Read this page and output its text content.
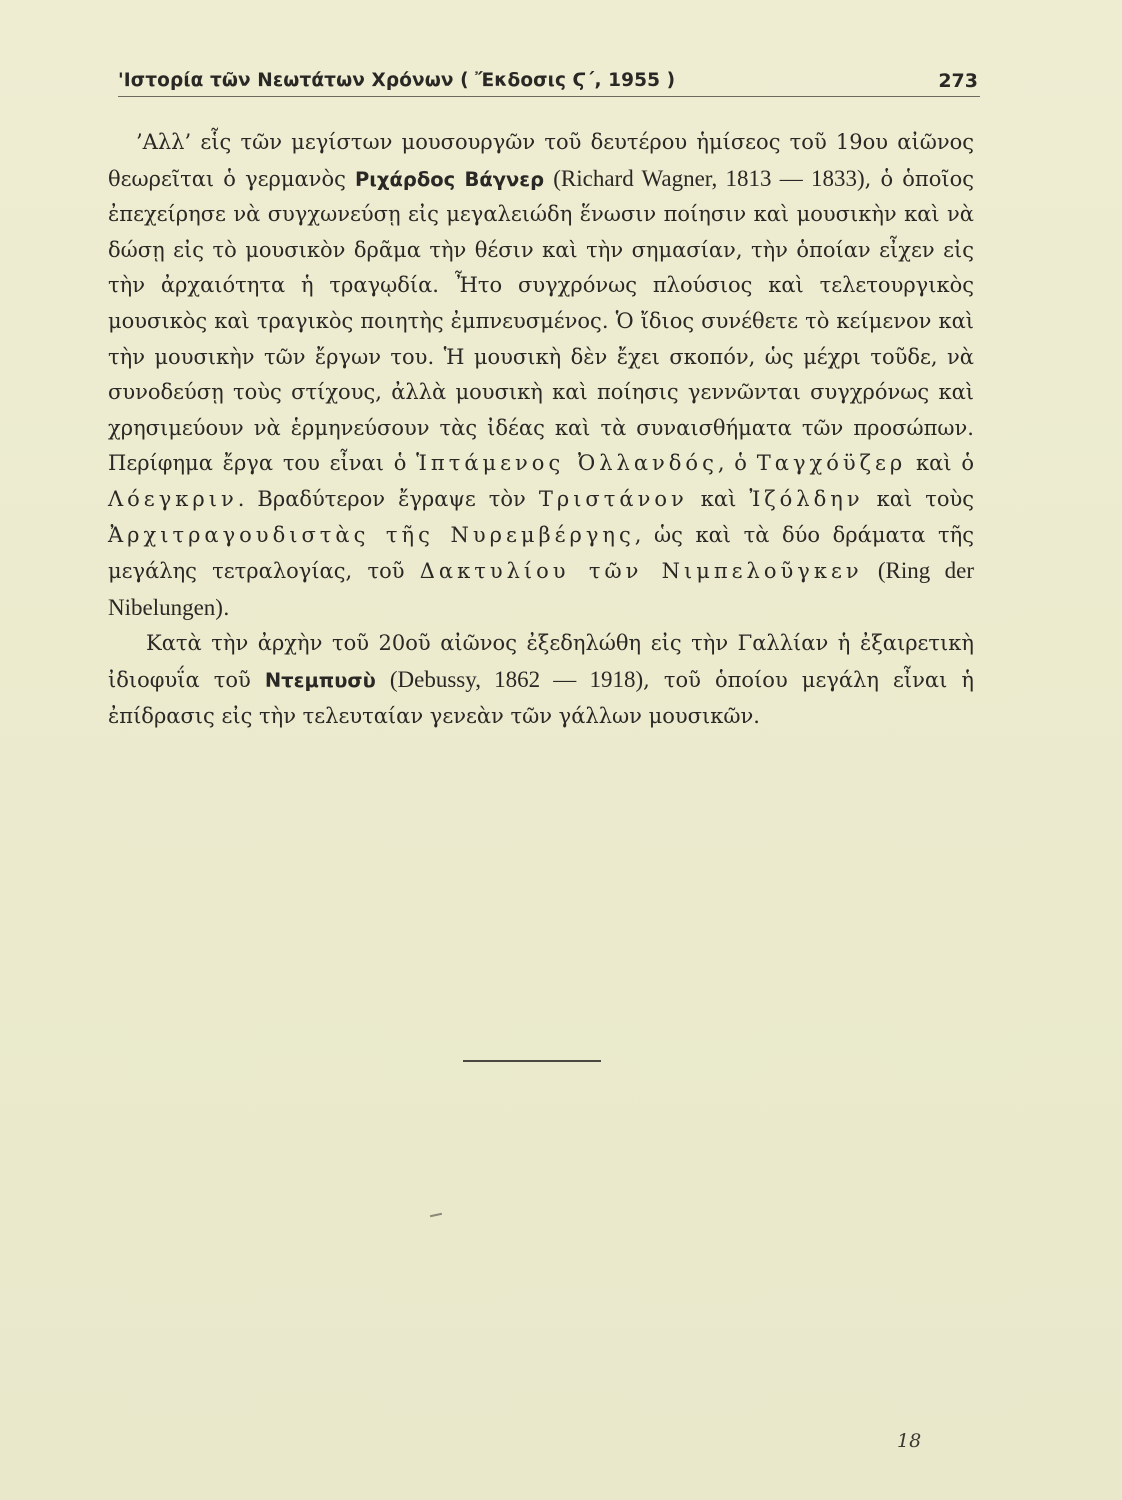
'Ιστορία τῶν Νεωτάτων Χρόνων ( Ἔκδοσις Ϛ΄, 1955 )	273

’Αλλ’ εἷς τῶν μεγίστων μουσουργῶν τοῦ δευτέρου ἡμίσεος τοῦ 19ου αἰῶνος θεωρεῖται ὁ γερμανὸς Ριχάρδος Βάγνερ (Richard Wagner, 1813 — 1833), ὁ ὁποῖος ἐπεχείρησε νὰ συγχωνεύσῃ εἰς μεγαλειώδη ἕνωσιν ποίησιν καὶ μουσικὴν καὶ νὰ δώσῃ εἰς τὸ μουσικὸν δρᾶμα τὴν θέσιν καὶ τὴν σημασίαν, τὴν ὁποίαν εἶχεν εἰς τὴν ἀρχαιότητα ἡ τραγῳδία. Ἦτο συγχρόνως πλούσιος καὶ τελετουργικὸς μουσικὸς καὶ τραγικὸς ποιητὴς ἐμπνευσμένος. Ὁ ἴδιος συνέθετε τὸ κείμενον καὶ τὴν μουσικὴν τῶν ἔργων του. Ἡ μουσικὴ δὲν ἔχει σκοπόν, ὡς μέχρι τοῦδε, νὰ συνοδεύσῃ τοὺς στίχους, ἀλλὰ μουσικὴ καὶ ποίησις γεννῶνται συγχρόνως καὶ χρησιμεύουν νὰ ἑρμηνεύσουν τὰς ἰδέας καὶ τὰ συναισθήματα τῶν προσώπων. Περίφημα ἔργα του εἶναι ὁ Ἱπτάμενος Ὀλλανδός, ὁ Ταγχόϋζερ καὶ ὁ Λόεγκριν. Βραδύτερον ἔγραψε τὸν Τριστάνον καὶ Ἰζόλδην καὶ τοὺς Ἀρχιτραγουδιστὰς τῆς Νυρεμβέργης, ὡς καὶ τὰ δύο δράματα τῆς μεγάλης τετραλογίας, τοῦ Δακτυλίου τῶν Νιμπελοῦγκεν (Ring der Nibelungen).

Κατὰ τὴν ἀρχὴν τοῦ 20οῦ αἰῶνος ἐξεδηλώθη εἰς τὴν Γαλλίαν ἡ ἐξαιρετικὴ ἰδιοφυΐα τοῦ Ντεμπυσὺ (Debussy, 1862 — 1918), τοῦ ὁποίου μεγάλη εἶναι ἡ ἐπίδρασις εἰς τὴν τελευταίαν γενεὰν τῶν γάλλων μουσικῶν.

18
